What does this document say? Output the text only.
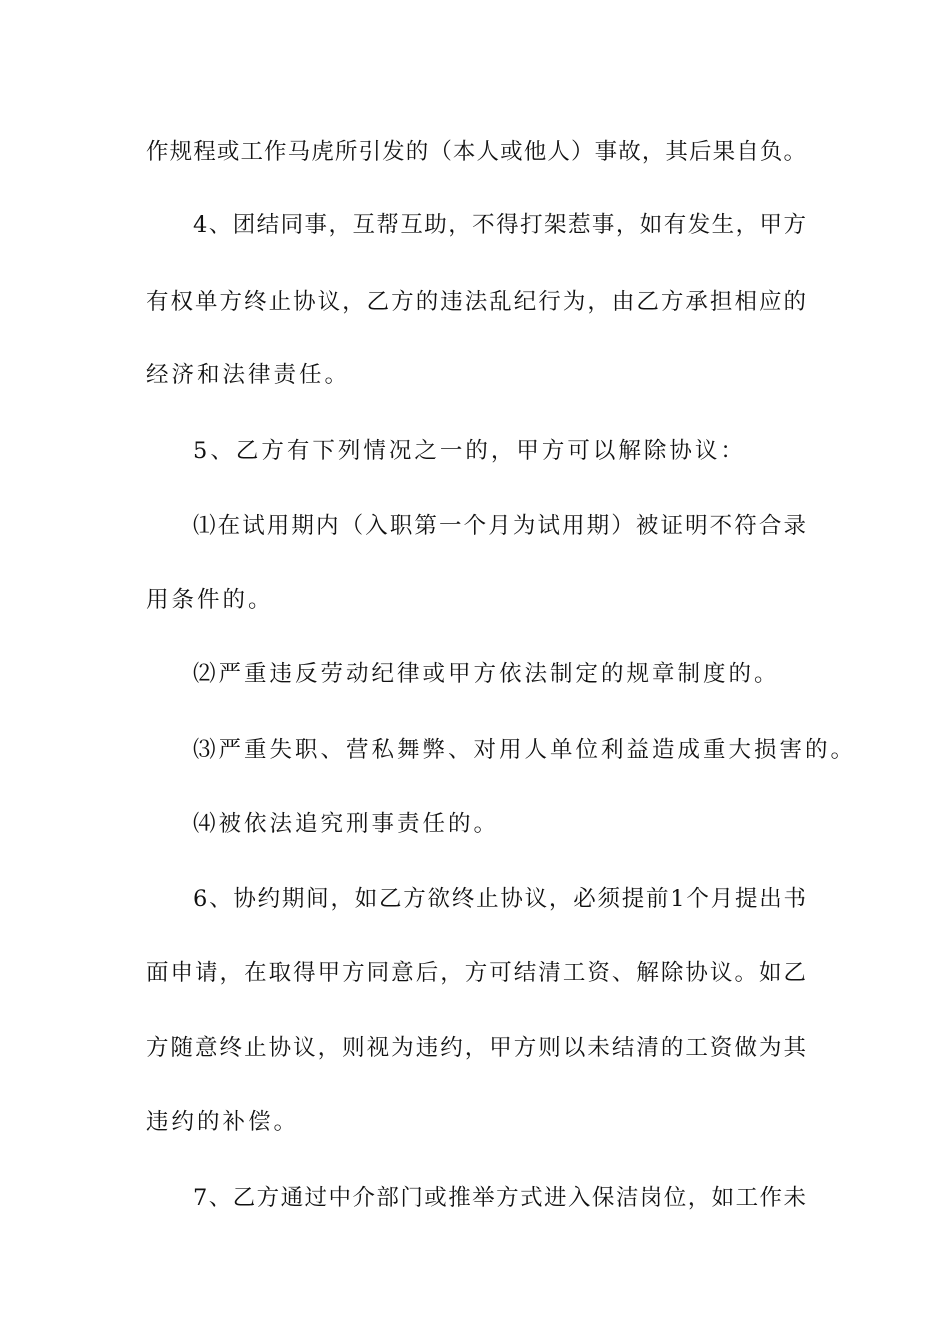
作规程或工作马虎所引发的（本人或他人）事故，其后果自负。
4、团结同事，互帮互助，不得打架惹事，如有发生，甲方
有权单方终止协议，乙方的违法乱纪行为，由乙方承担相应的
经济和法律责任。
5、乙方有下列情况之一的，甲方可以解除协议：
⑴在试用期内（入职第一个月为试用期）被证明不符合录
用条件的。
⑵严重违反劳动纪律或甲方依法制定的规章制度的。
⑶严重失职、营私舞弊、对用人单位利益造成重大损害的。
⑷被依法追究刑事责任的。
6、协约期间，如乙方欲终止协议，必须提前1个月提出书
面申请，在取得甲方同意后，方可结清工资、解除协议。如乙
方随意终止协议，则视为违约，甲方则以未结清的工资做为其
违约的补偿。
7、乙方通过中介部门或推举方式进入保洁岗位，如工作未
